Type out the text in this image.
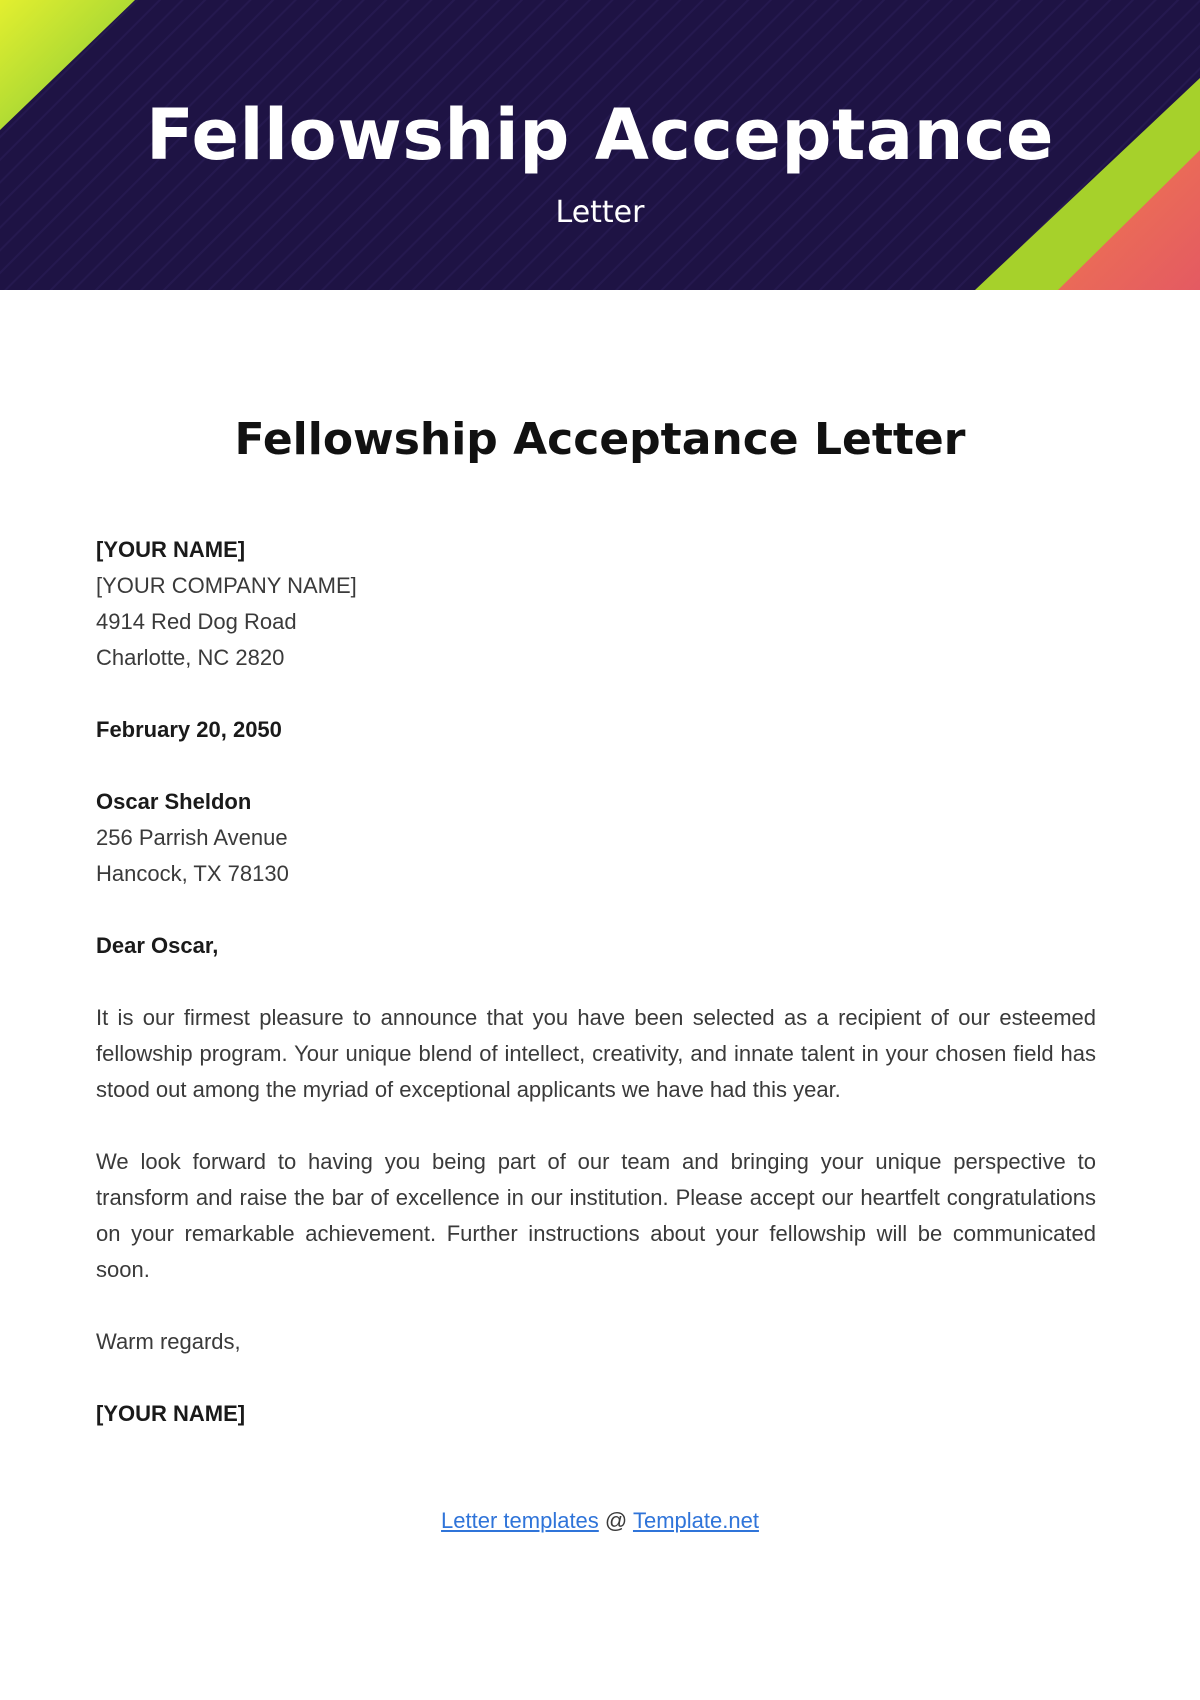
Fellowship Acceptance
Letter
Fellowship Acceptance Letter
[YOUR NAME]
[YOUR COMPANY NAME]
4914 Red Dog Road
Charlotte, NC 2820
February 20, 2050
Oscar Sheldon
256 Parrish Avenue
Hancock, TX 78130
Dear Oscar,

It is our firmest pleasure to announce that you have been selected as a recipient of our esteemed fellowship program. Your unique blend of intellect, creativity, and innate talent in your chosen field has stood out among the myriad of exceptional applicants we have had this year.

We look forward to having you being part of our team and bringing your unique perspective to transform and raise the bar of excellence in our institution. Please accept our heartfelt congratulations on your remarkable achievement. Further instructions about your fellowship will be communicated soon.

Warm regards,
[YOUR NAME]
Letter templates @ Template.net
